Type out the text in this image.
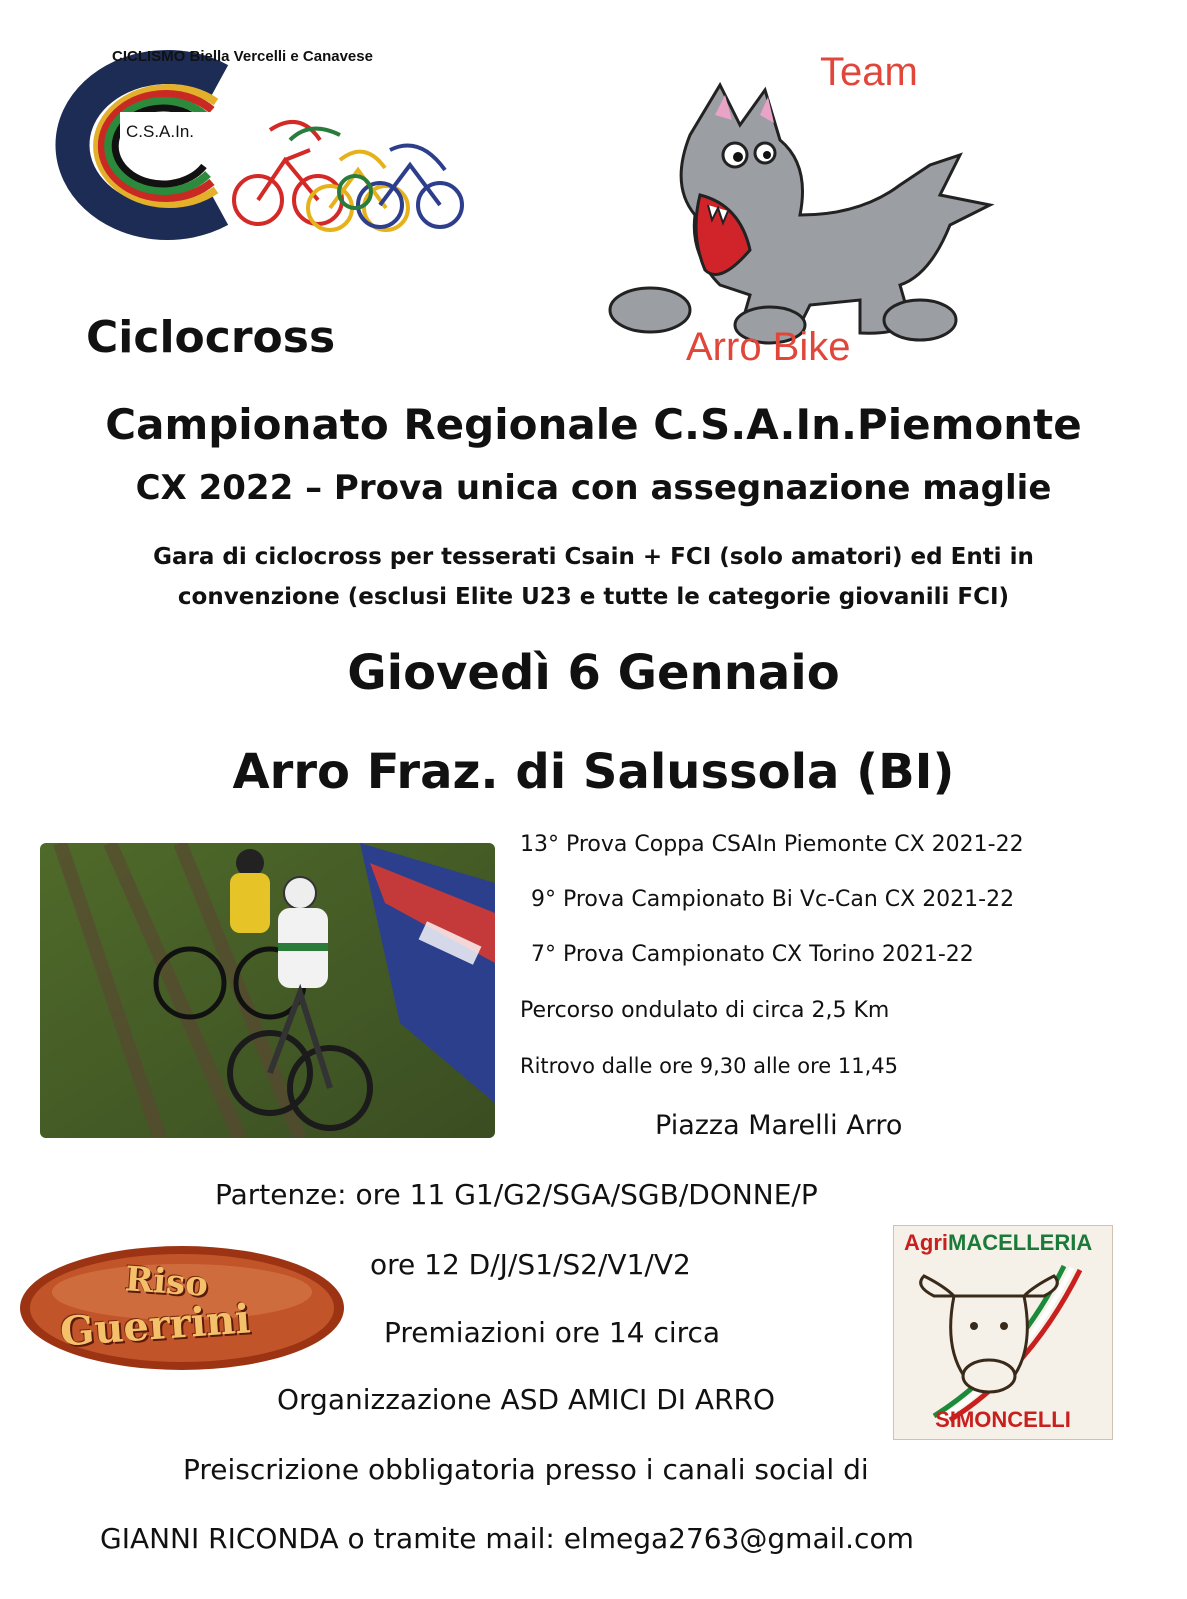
CICLISMO Biella Vercelli e Canavese
C.S.A.In.
Team
Arro Bike
Ciclocross
Campionato Regionale C.S.A.In.Piemonte
CX 2022 – Prova unica con assegnazione maglie
Gara di ciclocross per tesserati Csain + FCI (solo amatori) ed Enti in
convenzione (esclusi Elite U23 e tutte le categorie giovanili FCI)
Giovedì 6 Gennaio
Arro Fraz. di Salussola (BI)
13° Prova Coppa CSAIn Piemonte CX 2021-22
9° Prova Campionato Bi Vc-Can CX 2021-22
7° Prova Campionato CX Torino 2021-22
Percorso ondulato di circa 2,5 Km
Ritrovo dalle ore 9,30 alle ore 11,45
Piazza Marelli Arro
Partenze: ore 11 G1/G2/SGA/SGB/DONNE/P
ore 12 D/J/S1/S2/V1/V2
Premiazioni ore 14 circa
Organizzazione ASD AMICI DI ARRO
Preiscrizione obbligatoria presso i canali social di
GIANNI RICONDA o tramite mail: elmega2763@gmail.com
Riso
Guerrini
AgriMACELLERIA
SIMONCELLI
